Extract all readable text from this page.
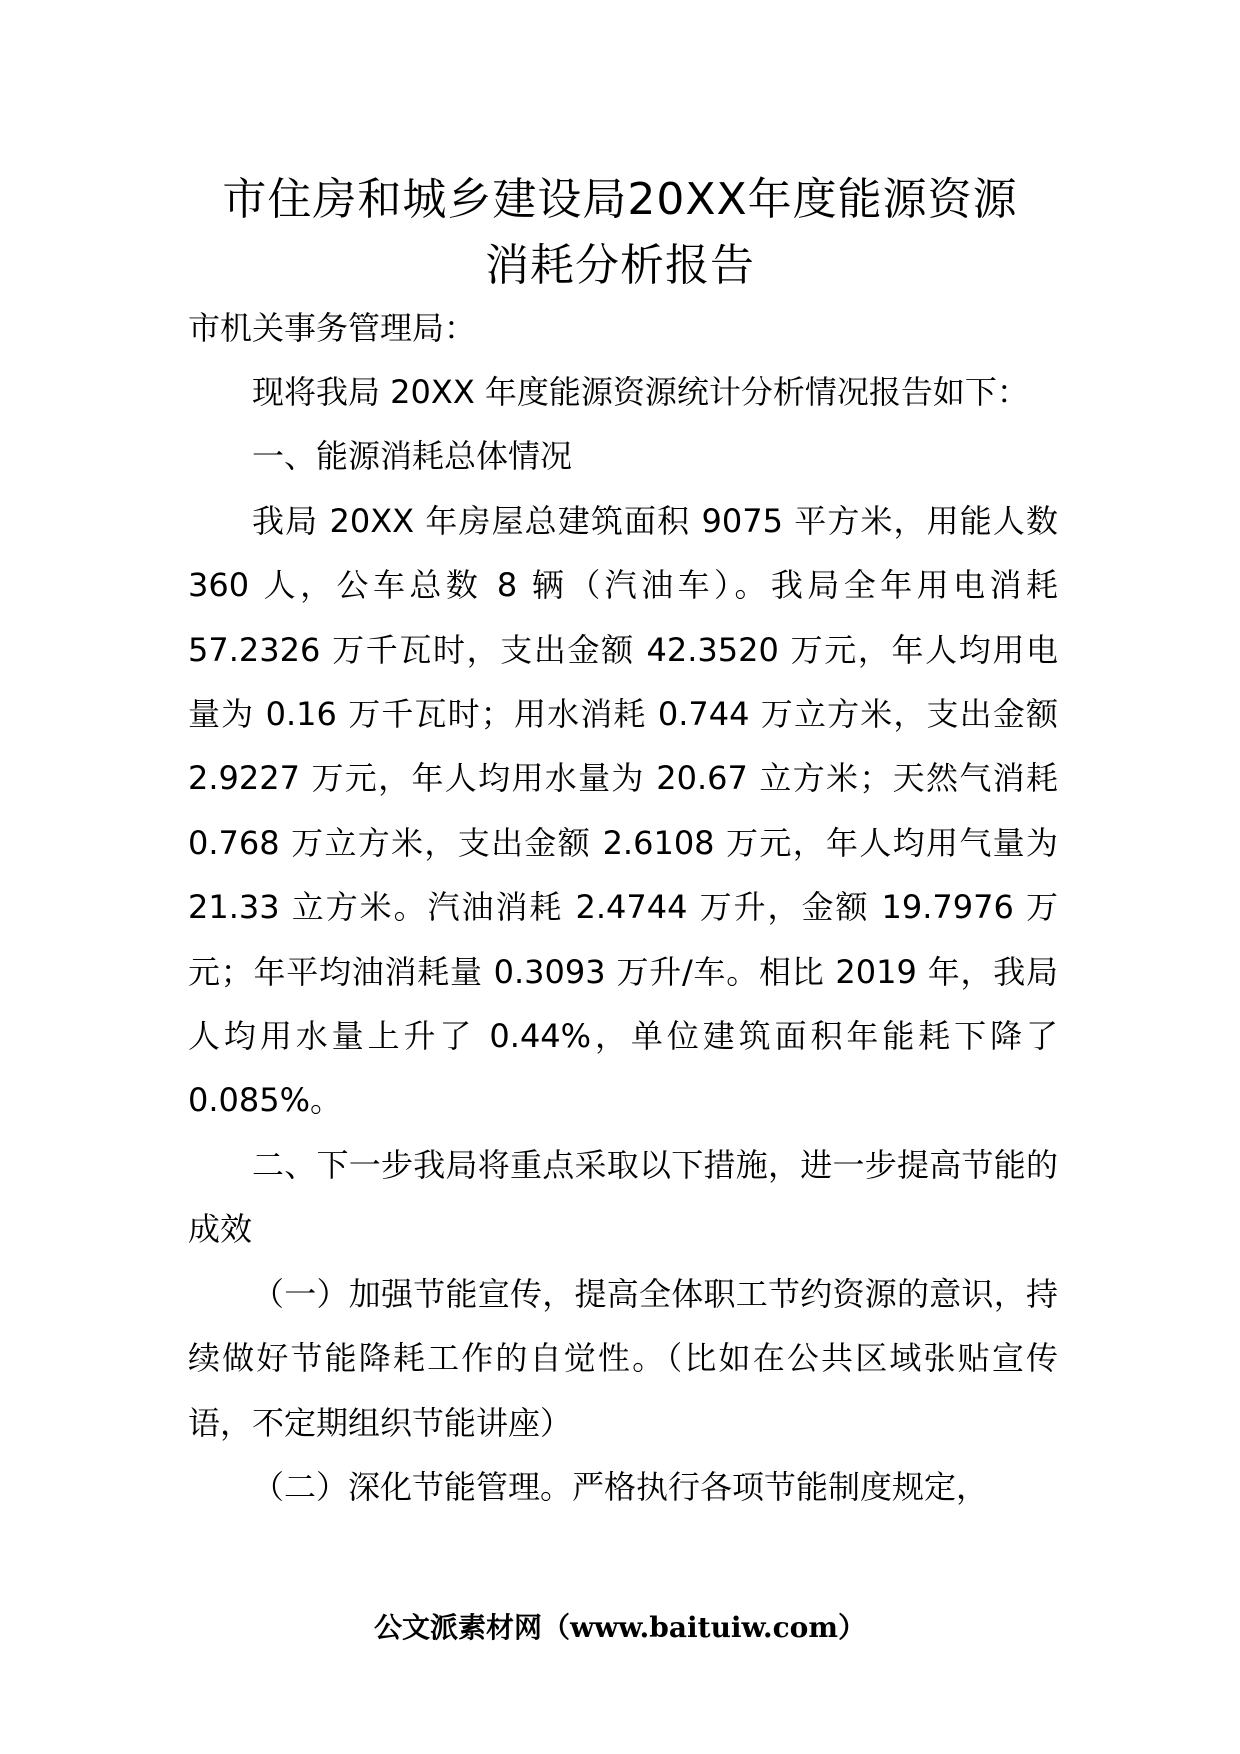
市住房和城乡建设局20XX年度能源资源
消耗分析报告

市机关事务管理局：

现将我局 20XX 年度能源资源统计分析情况报告如下：

一、能源消耗总体情况

我局 20XX 年房屋总建筑面积 9075 平方米，用能人数 360 人，公车总数 8 辆（汽油车）。我局全年用电消耗 57.2326 万千瓦时，支出金额 42.3520 万元，年人均用电量为 0.16 万千瓦时；用水消耗 0.744 万立方米，支出金额 2.9227 万元，年人均用水量为 20.67 立方米；天然气消耗 0.768 万立方米，支出金额 2.6108 万元，年人均用气量为 21.33 立方米。汽油消耗 2.4744 万升，金额 19.7976 万元；年平均油消耗量 0.3093 万升/车。相比 2019 年，我局人均用水量上升了 0.44%，单位建筑面积年能耗下降了 0.085%。

二、下一步我局将重点采取以下措施，进一步提高节能的成效

（一）加强节能宣传，提高全体职工节约资源的意识，持续做好节能降耗工作的自觉性。（比如在公共区域张贴宣传语，不定期组织节能讲座）

（二）深化节能管理。严格执行各项节能制度规定，

公文派素材网（www.baituiw.com）
